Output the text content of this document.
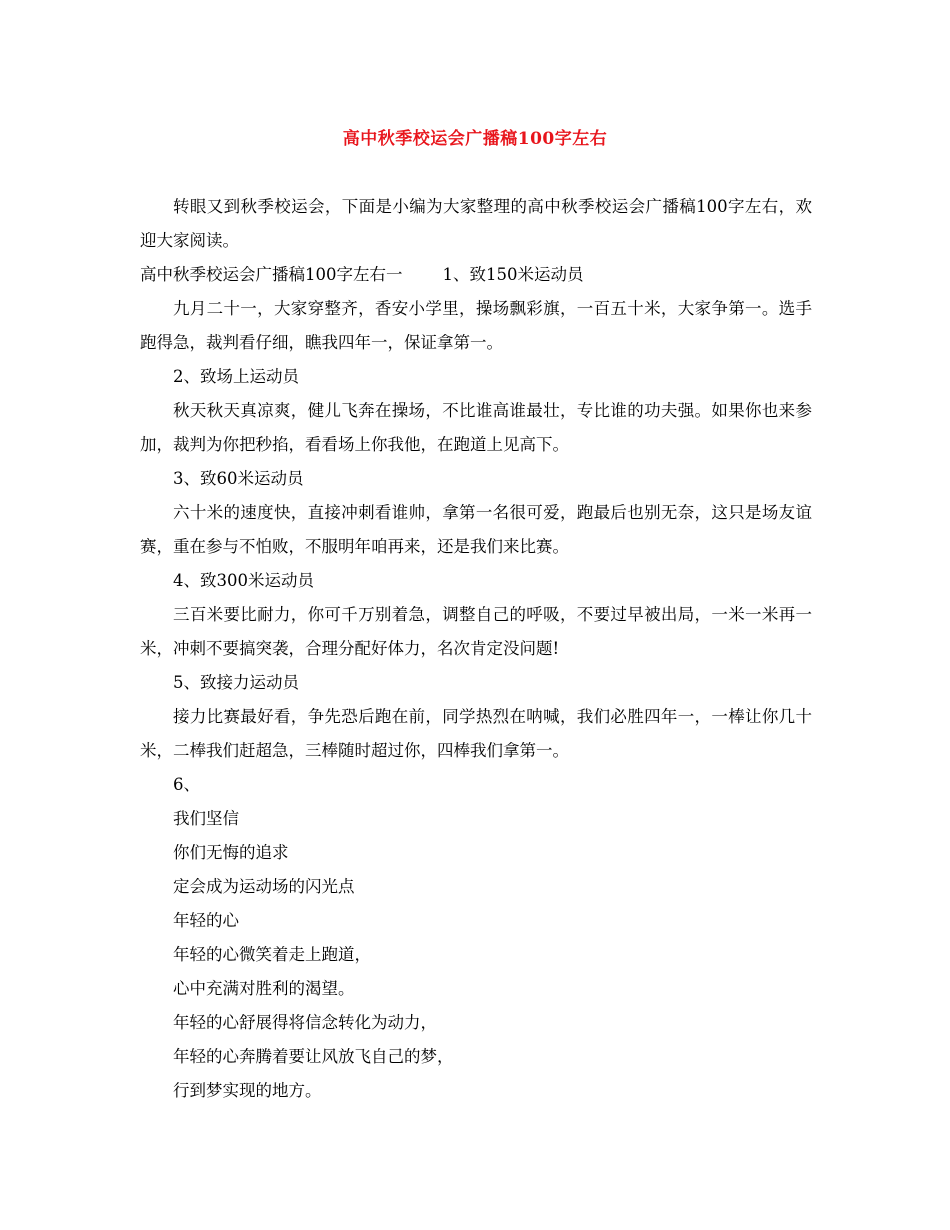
高中秋季校运会广播稿100字左右

转眼又到秋季校运会，下面是小编为大家整理的高中秋季校运会广播稿100字左右，欢迎大家阅读。

高中秋季校运会广播稿100字左右一 1、致150米运动员

九月二十一，大家穿整齐，香安小学里，操场飘彩旗，一百五十米，大家争第一。选手跑得急，裁判看仔细，瞧我四年一，保证拿第一。

2、致场上运动员

秋天秋天真凉爽，健儿飞奔在操场，不比谁高谁最壮，专比谁的功夫强。如果你也来参加，裁判为你把秒掐，看看场上你我他，在跑道上见高下。

3、致60米运动员

六十米的速度快，直接冲刺看谁帅，拿第一名很可爱，跑最后也别无奈，这只是场友谊赛，重在参与不怕败，不服明年咱再来，还是我们来比赛。

4、致300米运动员

三百米要比耐力，你可千万别着急，调整自己的呼吸，不要过早被出局，一米一米再一米，冲刺不要搞突袭，合理分配好体力，名次肯定没问题!

5、致接力运动员

接力比赛最好看，争先恐后跑在前，同学热烈在呐喊，我们必胜四年一，一棒让你几十米，二棒我们赶超急，三棒随时超过你，四棒我们拿第一。

6、

我们坚信
你们无悔的追求
定会成为运动场的闪光点
年轻的心
年轻的心微笑着走上跑道，
心中充满对胜利的渴望。
年轻的心舒展得将信念转化为动力，
年轻的心奔腾着要让风放飞自己的梦，
行到梦实现的地方。
